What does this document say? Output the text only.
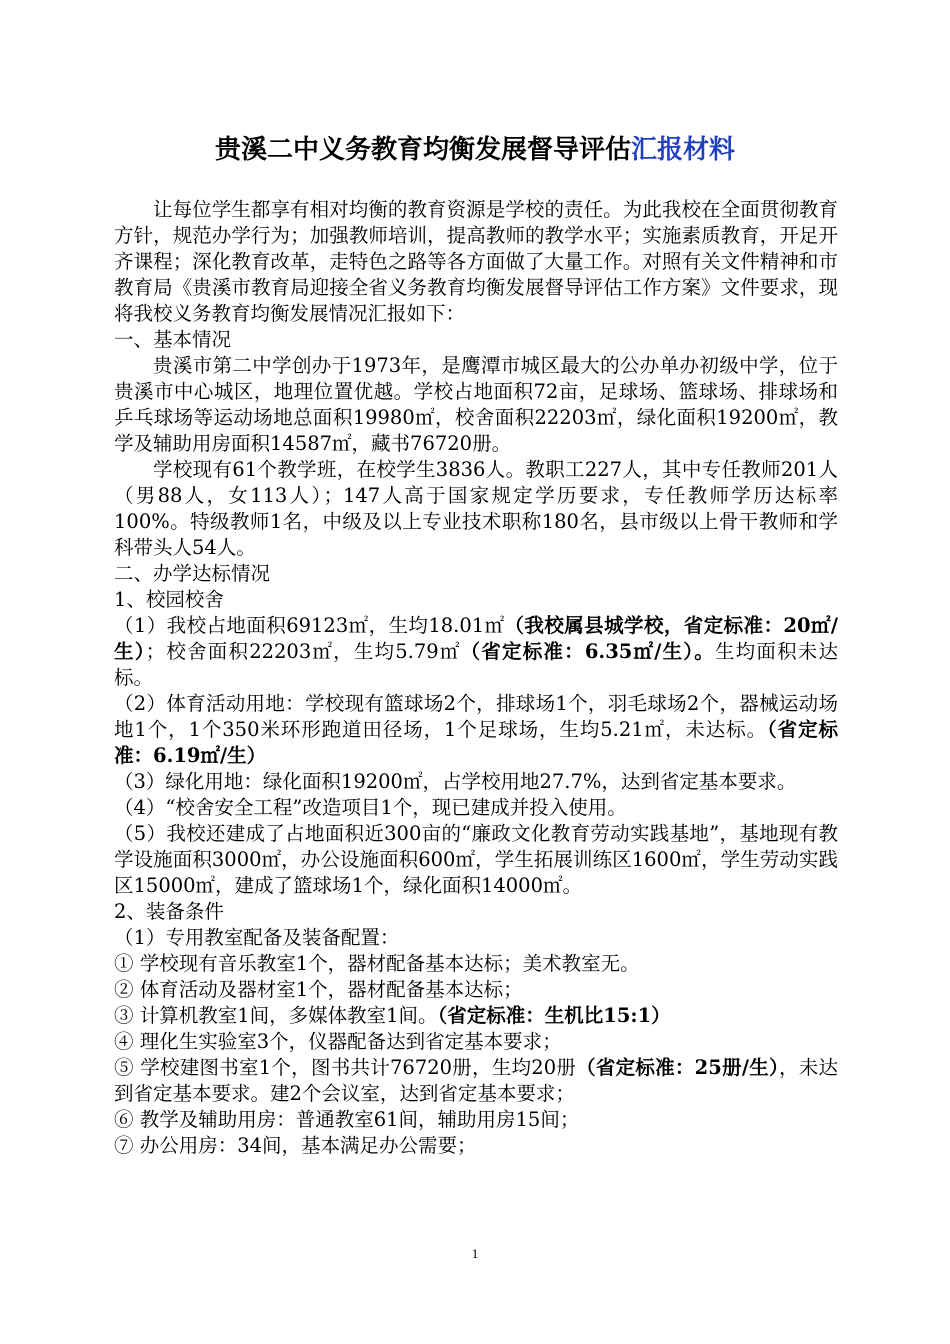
贵溪二中义务教育均衡发展督导评估汇报材料

让每位学生都享有相对均衡的教育资源是学校的责任。为此我校在全面贯彻教育方针，规范办学行为；加强教师培训，提高教师的教学水平；实施素质教育，开足开齐课程；深化教育改革，走特色之路等各方面做了大量工作。对照有关文件精神和市教育局《贵溪市教育局迎接全省义务教育均衡发展督导评估工作方案》文件要求，现将我校义务教育均衡发展情况汇报如下：

一、基本情况

贵溪市第二中学创办于1973年，是鹰潭市城区最大的公办单办初级中学，位于贵溪市中心城区，地理位置优越。学校占地面积72亩，足球场、篮球场、排球场和乒乓球场等运动场地总面积19980㎡，校舍面积22203㎡，绿化面积19200㎡，教学及辅助用房面积14587㎡，藏书76720册。

学校现有61个教学班，在校学生3836人。教职工227人，其中专任教师201人（男88人，女113人）；147人高于国家规定学历要求，专任教师学历达标率100%。特级教师1名，中级及以上专业技术职称180名，县市级以上骨干教师和学科带头人54人。

二、办学达标情况

1、校园校舍

（1）我校占地面积69123㎡，生均18.01㎡（我校属县城学校，省定标准：20㎡/生）；校舍面积22203㎡，生均5.79㎡（省定标准：6.35㎡/生）。生均面积未达标。

（2）体育活动用地：学校现有篮球场2个，排球场1个，羽毛球场2个，器械运动场地1个，1个350米环形跑道田径场，1个足球场，生均5.21㎡，未达标。（省定标准：6.19㎡/生）

（3）绿化用地：绿化面积19200㎡，占学校用地27.7%，达到省定基本要求。

（4）“校舍安全工程”改造项目1个，现已建成并投入使用。

（5）我校还建成了占地面积近300亩的“廉政文化教育劳动实践基地”，基地现有教学设施面积3000㎡，办公设施面积600㎡，学生拓展训练区1600㎡，学生劳动实践区15000㎡，建成了篮球场1个，绿化面积14000㎡。

2、装备条件

（1）专用教室配备及装备配置：

① 学校现有音乐教室1个，器材配备基本达标；美术教室无。

② 体育活动及器材室1个，器材配备基本达标；

③ 计算机教室1间，多媒体教室1间。（省定标准：生机比15:1）

④ 理化生实验室3个，仪器配备达到省定基本要求；

⑤ 学校建图书室1个，图书共计76720册，生均20册（省定标准：25册/生），未达到省定基本要求。建2个会议室，达到省定基本要求；

⑥ 教学及辅助用房：普通教室61间，辅助用房15间；

⑦ 办公用房：34间，基本满足办公需要；

1
